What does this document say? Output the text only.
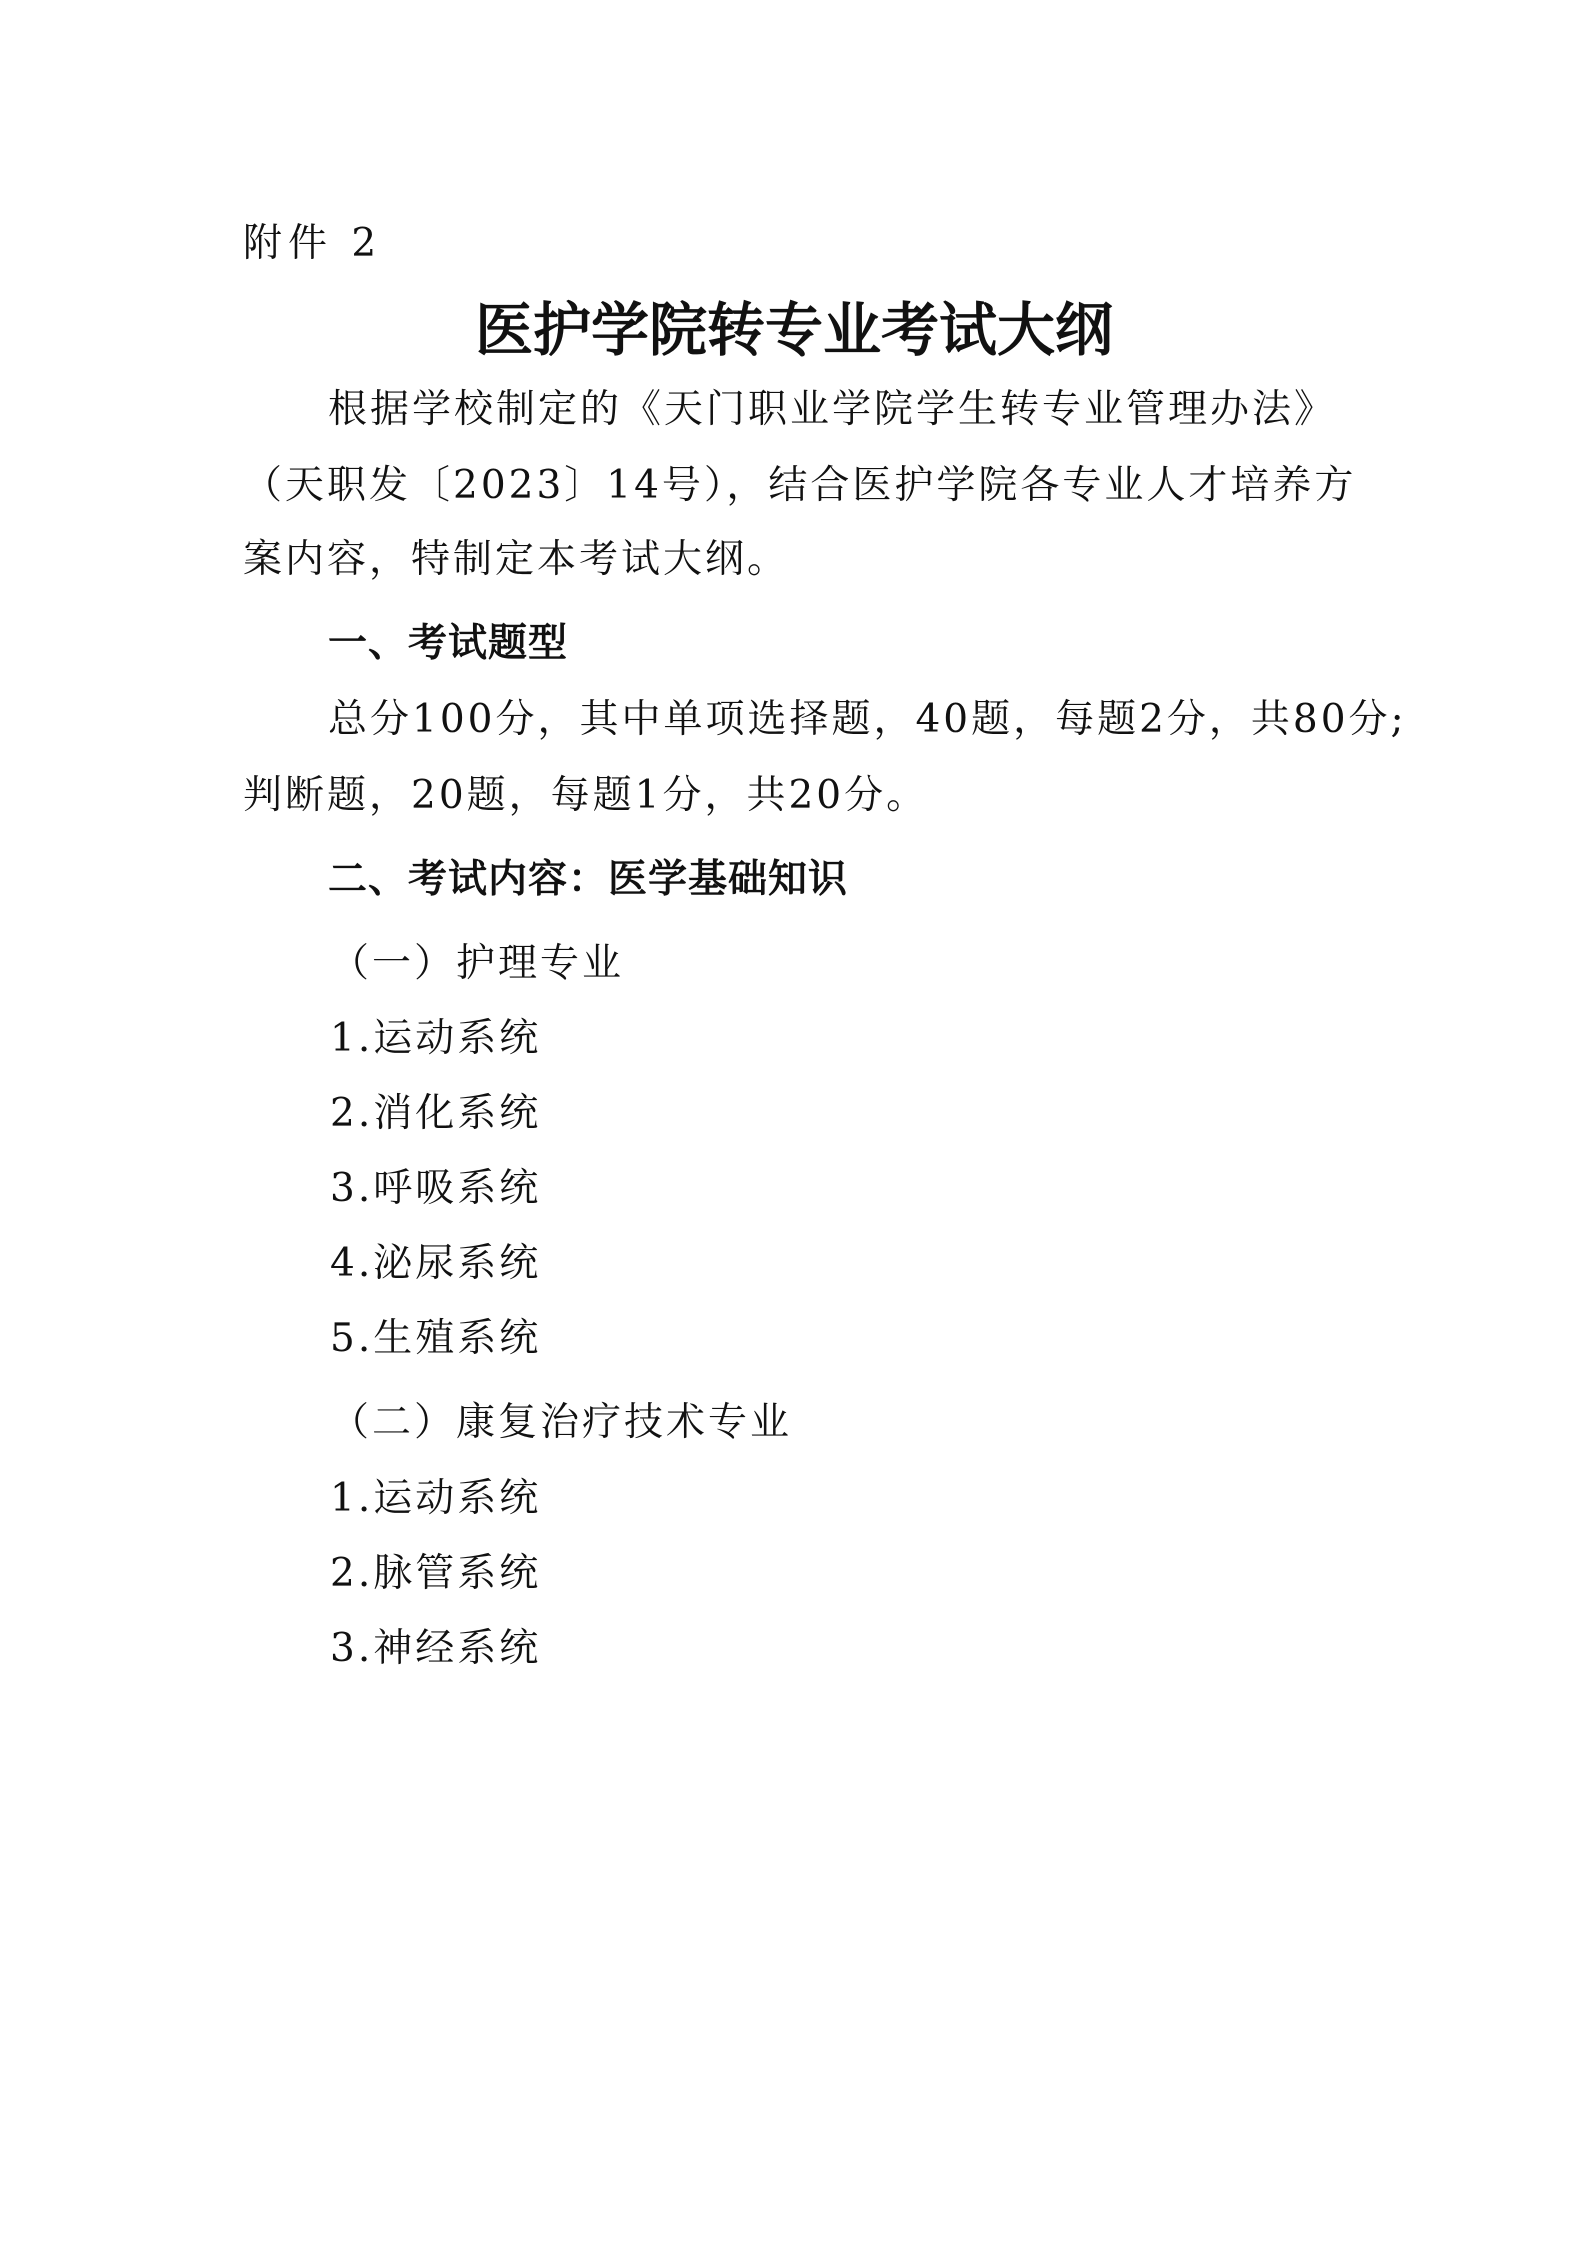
附件 2
医护学院转专业考试大纲
根据学校制定的《天门职业学院学生转专业管理办法》
（天职发〔2023〕14号），结合医护学院各专业人才培养方
案内容，特制定本考试大纲。
一、考试题型
总分100分，其中单项选择题，40题，每题2分，共80分;
判断题，20题，每题1分，共20分。
二、考试内容：医学基础知识
（一）护理专业
1.运动系统
2.消化系统
3.呼吸系统
4.泌尿系统
5.生殖系统
（二）康复治疗技术专业
1.运动系统
2.脉管系统
3.神经系统
